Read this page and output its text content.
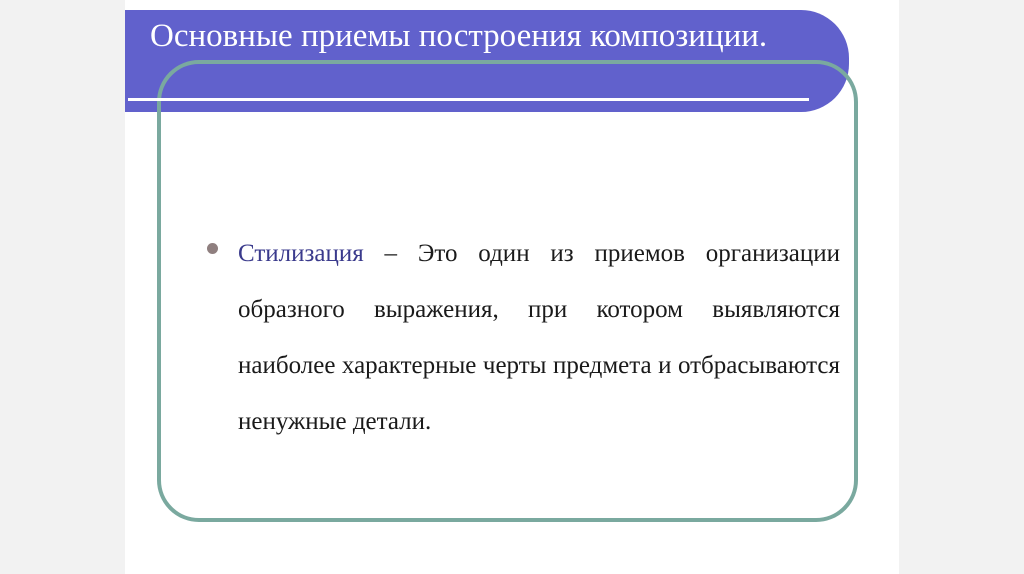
Основные приемы построения композиции.

Стилизация – Это один из приемов организации образного выражения, при котором выявляются наиболее характерные черты предмета и отбрасываются ненужные детали.
